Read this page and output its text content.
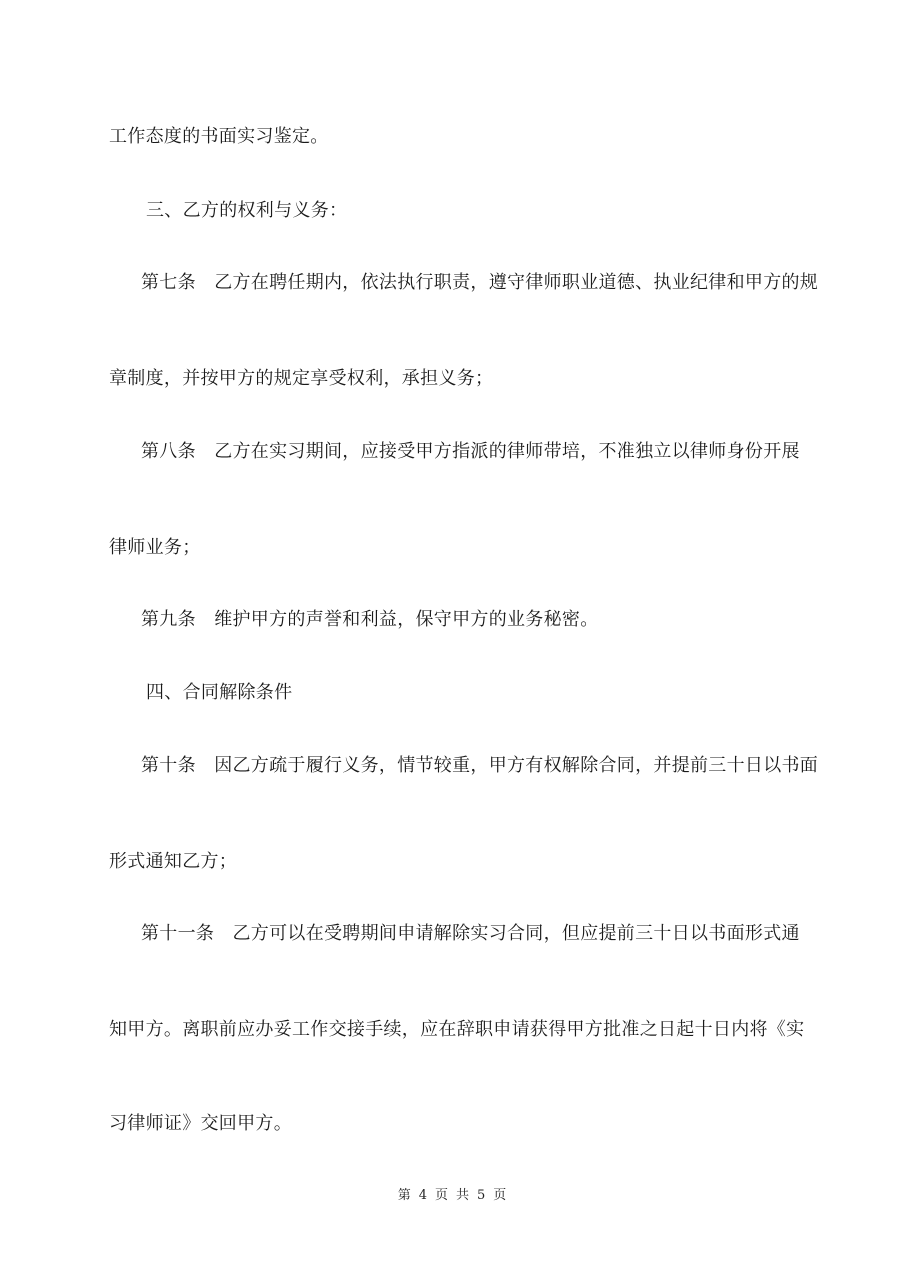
工作态度的书面实习鉴定。
三、乙方的权利与义务：
第七条　乙方在聘任期内，依法执行职责，遵守律师职业道德、执业纪律和甲方的规
章制度，并按甲方的规定享受权利，承担义务；
第八条　乙方在实习期间，应接受甲方指派的律师带培，不准独立以律师身份开展
律师业务；
第九条　维护甲方的声誉和利益，保守甲方的业务秘密。
四、合同解除条件
第十条　因乙方疏于履行义务，情节较重，甲方有权解除合同，并提前三十日以书面
形式通知乙方；
第十一条　乙方可以在受聘期间申请解除实习合同，但应提前三十日以书面形式通
知甲方。离职前应办妥工作交接手续，应在辞职申请获得甲方批准之日起十日内将《实
习律师证》交回甲方。
第 4 页 共 5 页
